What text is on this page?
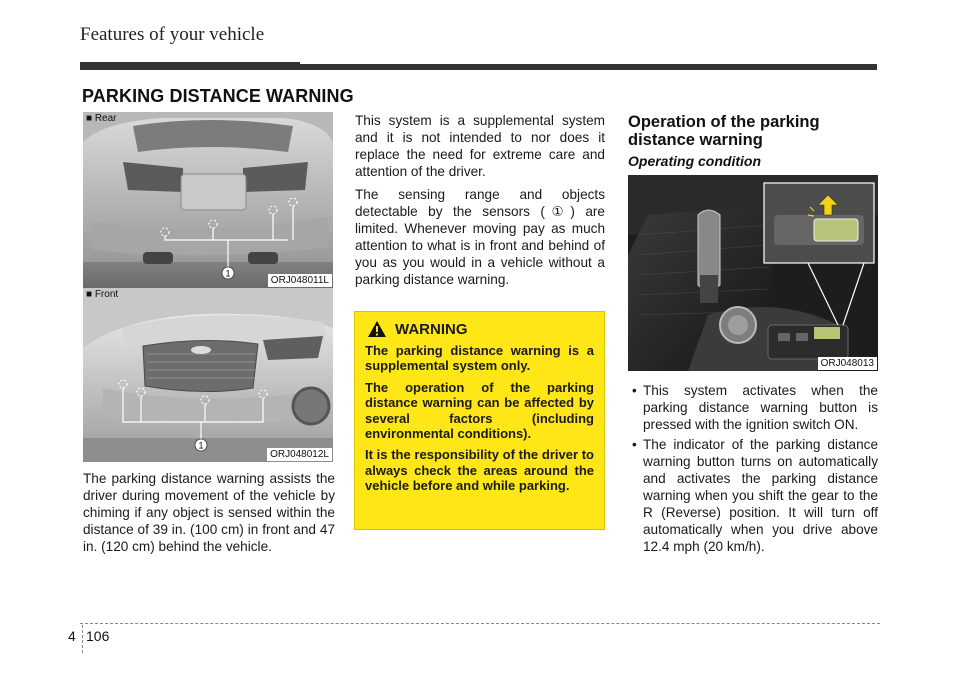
Features of your vehicle
PARKING DISTANCE WARNING
1
■ Rear
ORJ048011L
1
■ Front
ORJ048012L
The parking distance warning assists the driver during movement of the vehicle by chiming if any object is sensed within the distance of 39 in. (100 cm) in front and 47 in. (120 cm) behind the vehicle.
This system is a supplemental system and it is not intended to nor does it replace the need for extreme care and attention of the driver.
The sensing range and objects detectable by the sensors (①) are limited. Whenever moving pay as much attention to what is in front and behind of you as you would in a vehicle without a parking distance warning.
WARNING

The parking distance warning is a supplemental system only.

The operation of the parking distance warning can be affected by several factors (including environmental conditions).

It is the responsibility of the driver to always check the areas around the vehicle before and while parking.

Operation of the parking distance warning
Operating condition
ORJ048013
• This system activates when the parking distance warning button is pressed with the ignition switch ON.
• The indicator of the parking distance warning button turns on automatically and activates the parking distance warning when you shift the gear to the R (Reverse) position. It will turn off automatically when you drive above 12.4 mph (20 km/h).
4 106
